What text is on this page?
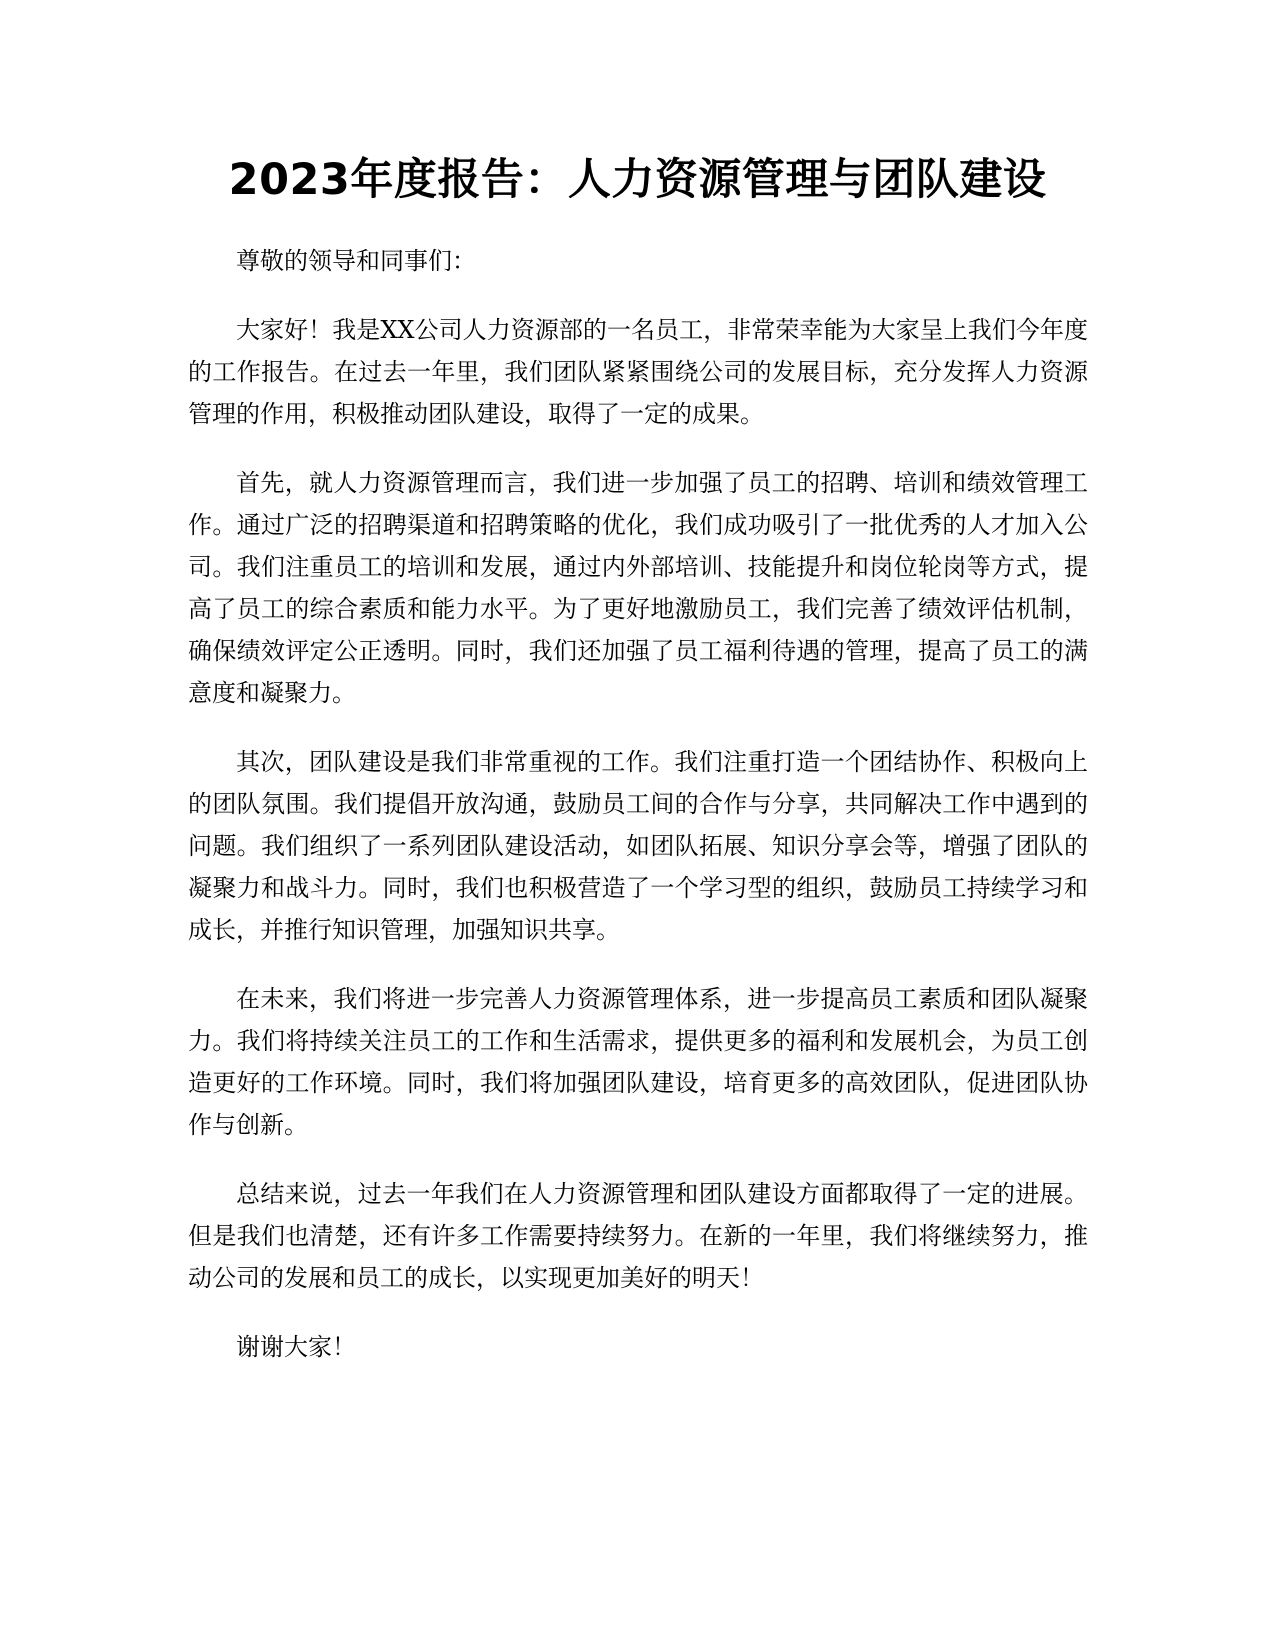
2023年度报告：人力资源管理与团队建设

尊敬的领导和同事们：

大家好！我是XX公司人力资源部的一名员工，非常荣幸能为大家呈上我们今年度的工作报告。在过去一年里，我们团队紧紧围绕公司的发展目标，充分发挥人力资源管理的作用，积极推动团队建设，取得了一定的成果。

首先，就人力资源管理而言，我们进一步加强了员工的招聘、培训和绩效管理工作。通过广泛的招聘渠道和招聘策略的优化，我们成功吸引了一批优秀的人才加入公司。我们注重员工的培训和发展，通过内外部培训、技能提升和岗位轮岗等方式，提高了员工的综合素质和能力水平。为了更好地激励员工，我们完善了绩效评估机制，确保绩效评定公正透明。同时，我们还加强了员工福利待遇的管理，提高了员工的满意度和凝聚力。

其次，团队建设是我们非常重视的工作。我们注重打造一个团结协作、积极向上的团队氛围。我们提倡开放沟通，鼓励员工间的合作与分享，共同解决工作中遇到的问题。我们组织了一系列团队建设活动，如团队拓展、知识分享会等，增强了团队的凝聚力和战斗力。同时，我们也积极营造了一个学习型的组织，鼓励员工持续学习和成长，并推行知识管理，加强知识共享。

在未来，我们将进一步完善人力资源管理体系，进一步提高员工素质和团队凝聚力。我们将持续关注员工的工作和生活需求，提供更多的福利和发展机会，为员工创造更好的工作环境。同时，我们将加强团队建设，培育更多的高效团队，促进团队协作与创新。

总结来说，过去一年我们在人力资源管理和团队建设方面都取得了一定的进展。但是我们也清楚，还有许多工作需要持续努力。在新的一年里，我们将继续努力，推动公司的发展和员工的成长，以实现更加美好的明天！

谢谢大家！
